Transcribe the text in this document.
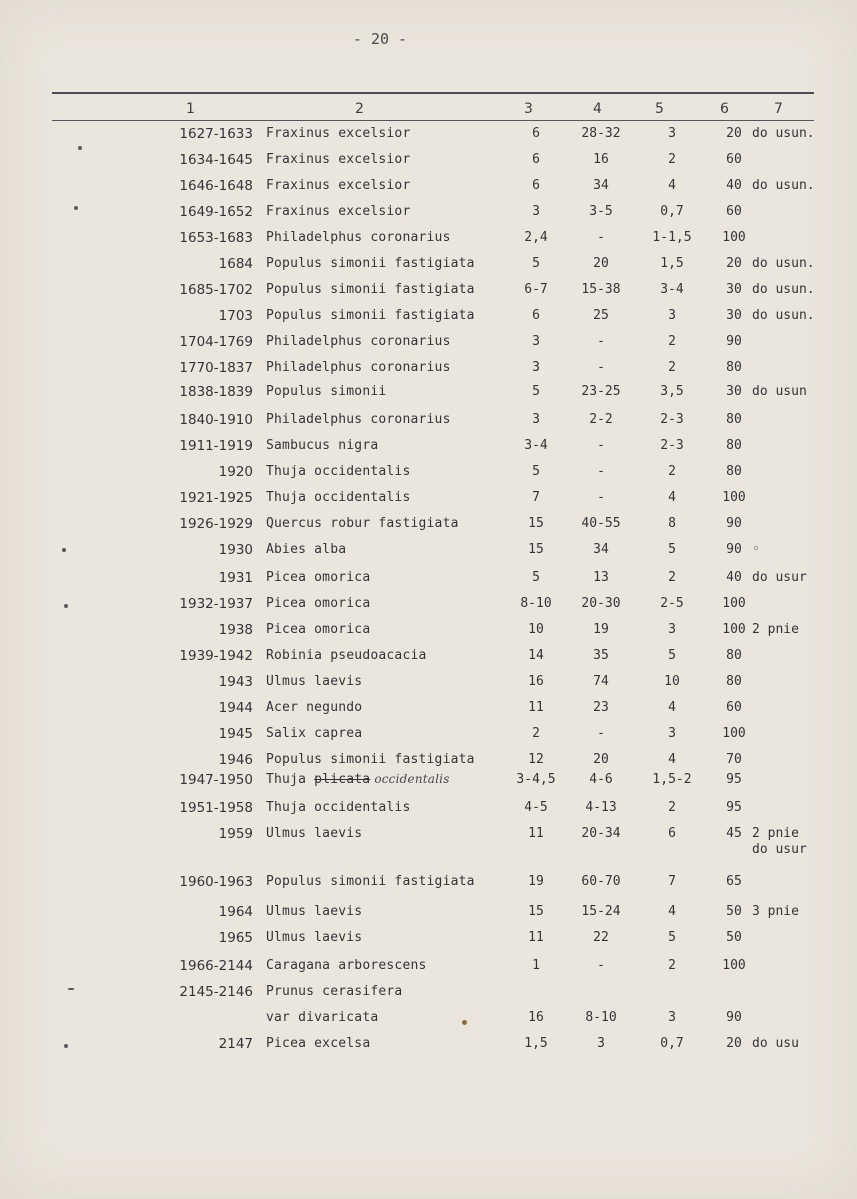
- 20 -
1	2	3	4	5	6	7
1627-1633 Fraxinus excelsior	6	28-32	3	20 do usun.
1634-1645 Fraxinus excelsior	6	16	2	60
1646-1648 Fraxinus excelsior	6	34	4	40 do usun.
1649-1652 Fraxinus excelsior	3	3-5	0,7	60
1653-1683 Philadelphus coronarius	2,4	-	1-1,5	100
1684 Populus simonii fastigiata	5	20	1,5	20 do usun.
1685-1702 Populus simonii fastigiata	6-7	15-38	3-4	30 do usun.
1703 Populus simonii fastigiata	6	25	3	30 do usun.
1704-1769 Philadelphus coronarius	3	-	2	90
1770-1837 Philadelphus coronarius	3	-	2	80
1838-1839 Populus simonii	5	23-25	3,5	30 do usun
1840-1910 Philadelphus coronarius	3	2-2	2-3	80
1911-1919 Sambucus nigra	3-4	-	2-3	80
1920 Thuja occidentalis	5	-	2	80
1921-1925 Thuja occidentalis	7	-	4	100
1926-1929 Quercus robur fastigiata	15	40-55	8	90
1930 Abies alba	15	34	5	90 ◦
1931 Picea omorica	5	13	2	40 do usur
1932-1937 Picea omorica	8-10	20-30	2-5	100
1938 Picea omorica	10	19	3	100 2 pnie
1939-1942 Robinia pseudoacacia	14	35	5	80
1943 Ulmus laevis	16	74	10	80
1944 Acer negundo	11	23	4	60
1945 Salix caprea	2	-	3	100
1946 Populus simonii fastigiata	12	20	4	70
1947-1950 Thuja plicata occidentalis	3-4,5	4-6	1,5-2	95
1951-1958 Thuja occidentalis	4-5	4-13	2	95
1959 Ulmus laevis	11	20-34	6	45 2 pnie
do usur
1960-1963 Populus simonii fastigiata	19	60-70	7	65
1964 Ulmus laevis	15	15-24	4	50 3 pnie
1965 Ulmus laevis	11	22	5	50
1966-2144 Caragana arborescens	1	-	2	100
2145-2146 Prunus cerasifera
var divaricata	16	8-10	3	90
2147 Picea excelsa	1,5	3	0,7	20 do usu
